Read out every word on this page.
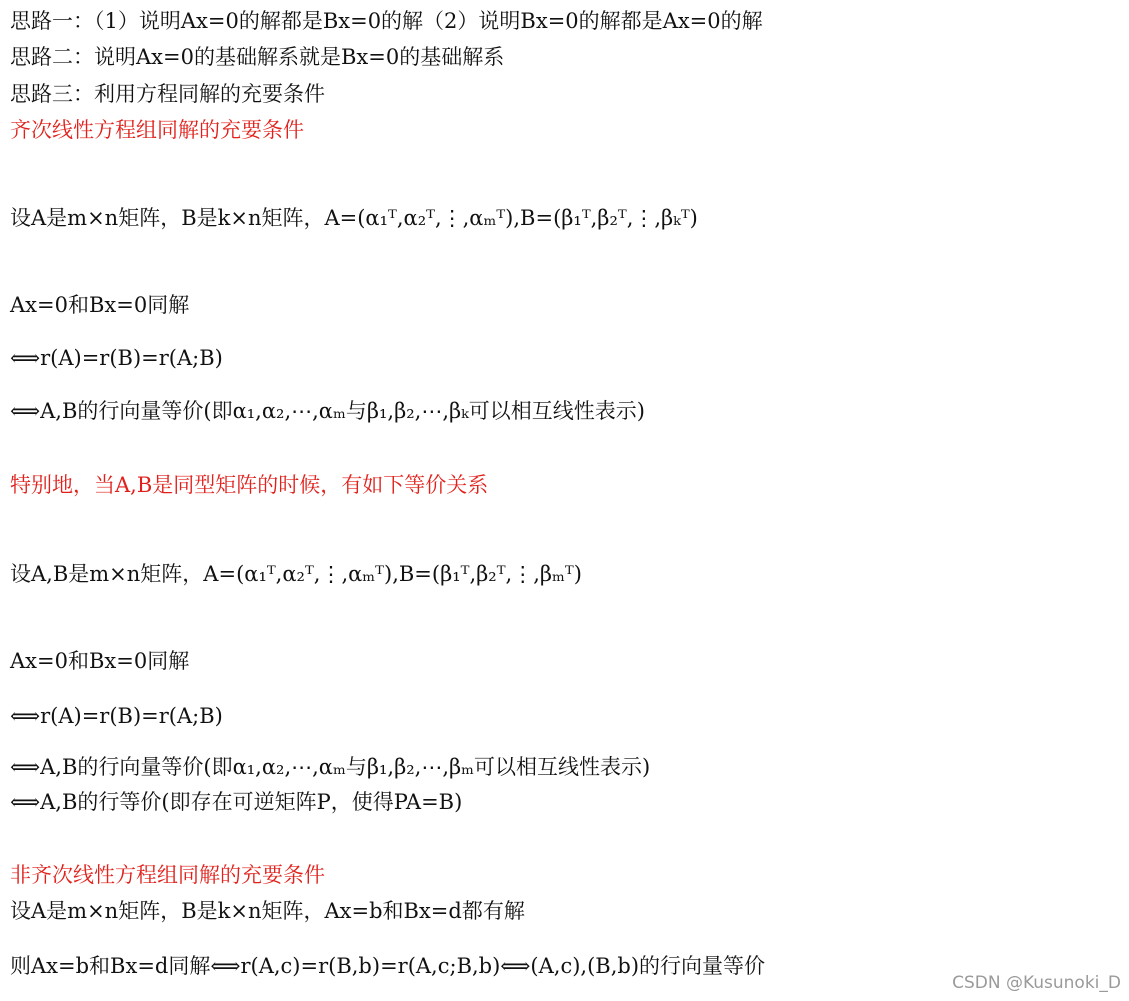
思路一：（1）说明Ax=0的解都是Bx=0的解（2）说明Bx=0的解都是Ax=0的解
思路二：说明Ax=0的基础解系就是Bx=0的基础解系
思路三：利用方程同解的充要条件
齐次线性方程组同解的充要条件
设A是m×n矩阵，B是k×n矩阵，A=(α₁ᵀ,α₂ᵀ,⋮,αₘᵀ),B=(β₁ᵀ,β₂ᵀ,⋮,βₖᵀ)
Ax=0和Bx=0同解
⟺r(A)=r(B)=r(A;B)
⟺A,B的行向量等价(即α₁,α₂,⋯,αₘ与β₁,β₂,⋯,βₖ可以相互线性表示)
特别地，当A,B是同型矩阵的时候，有如下等价关系
设A,B是m×n矩阵，A=(α₁ᵀ,α₂ᵀ,⋮,αₘᵀ),B=(β₁ᵀ,β₂ᵀ,⋮,βₘᵀ)
Ax=0和Bx=0同解
⟺r(A)=r(B)=r(A;B)
⟺A,B的行向量等价(即α₁,α₂,⋯,αₘ与β₁,β₂,⋯,βₘ可以相互线性表示)
⟺A,B的行等价(即存在可逆矩阵P，使得PA=B)
非齐次线性方程组同解的充要条件
设A是m×n矩阵，B是k×n矩阵，Ax=b和Bx=d都有解
则Ax=b和Bx=d同解⟺r(A,c)=r(B,b)=r(A,c;B,b)⟺(A,c),(B,b)的行向量等价
CSDN @Kusunoki_D
